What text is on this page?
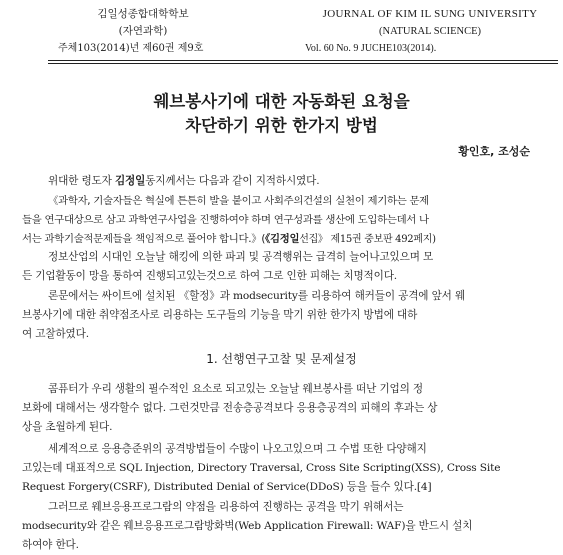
김일성종합대학학보
(자연과학)
주체103(2014)년 제60권 제9호
JOURNAL OF KIM IL SUNG UNIVERSITY
(NATURAL SCIENCE)
Vol. 60 No. 9 JUCHE103(2014).
웨브봉사기에 대한 자동화된 요청을
차단하기 위한 한가지 방법
황인호, 조성순
위대한 령도자 김정일동지께서는 다음과 같이 지적하시였다.
《과학자, 기술자들은 혁실에 튼튼히 발을 붙이고 사회주의건설의 실천이 제기하는 문제
들을 연구대상으로 삼고 과학연구사업을 진행하여야 하며 연구성과를 생산에 도입하는데서 나
서는 과학기술적문제들을 책임적으로 풀어야 합니다.》(《김정일선집》 제15권 중보판 492페지)
정보산업의 시대인 오늘날 해킹에 의한 파괴 및 공격행위는 급격히 늘어나고있으며 모
든 기업활동이 망을 통하여 진행되고있는것으로 하여 그로 인한 피해는 치명적이다.
론문에서는 싸이트에 설치된 《할정》과 modsecurity를 리용하여 해커들이 공격에 앞서 웨
브봉사기에 대한 취약점조사로 리용하는 도구들의 기능을 막기 위한 한가지 방법에 대하
여 고찰하였다.
1. 선행연구고찰 및 문제설정
콤퓨터가 우리 생활의 필수적인 요소로 되고있는 오늘날 웨브봉사를 떠난 기업의 정
보화에 대해서는 생각할수 없다. 그런것만큼 전송층공격보다 응용층공격의 피해의 후과는 상
상을 초월하게 된다.
세계적으로 응용층준위의 공격방법들이 수많이 나오고있으며 그 수법 또한 다양해지
고있는데 대표적으로 SQL Injection, Directory Traversal, Cross Site Scripting(XSS), Cross Site
Request Forgery(CSRF), Distributed Denial of Service(DDoS) 등을 들수 있다.[4]
그러므로 웨브응용프로그람의 약점을 리용하여 진행하는 공격을 막기 위해서는
modsecurity와 같은 웨브응용프로그람방화벽(Web Application Firewall: WAF)을 반드시 설치
하여야 한다.
